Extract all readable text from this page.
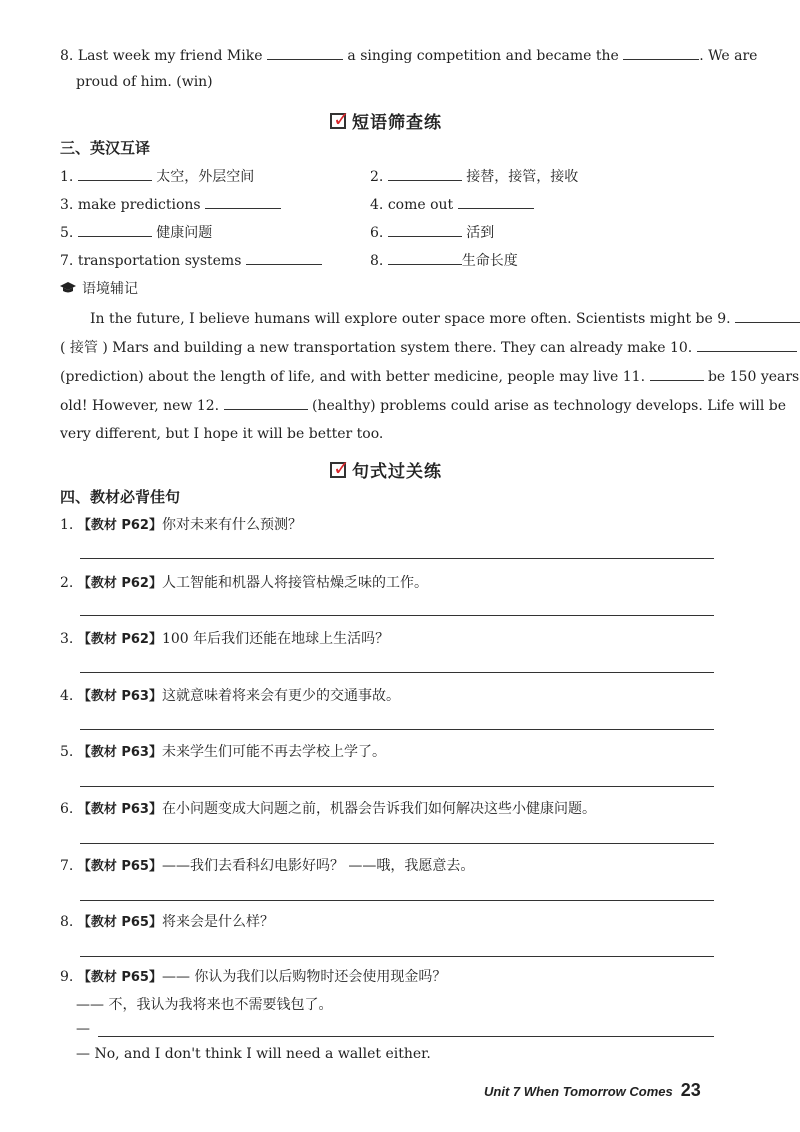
8. Last week my friend Mike	a singing competition and became the	. We are
proud of him. (win)
✓ 短语筛查练
三、英汉互译
1.	太空，外层空间	2.	接替，接管，接收
3. make predictions	4. come out
5.	健康问题	6.	活到
7. transportation systems	8.	生命长度
语境辅记
In the future, I believe humans will explore outer space more often. Scientists might be 9.
( 接管 ) Mars and building a new transportation system there. They can already make 10.
(prediction) about the length of life, and with better medicine, people may live 11.	be 150 years
old! However, new 12.	(healthy) problems could arise as technology develops. Life will be
very different, but I hope it will be better too.
✓ 句式过关练
四、教材必背佳句
1. 【教材 P62】你对未来有什么预测？
2. 【教材 P62】人工智能和机器人将接管枯燥乏味的工作。
3. 【教材 P62】100 年后我们还能在地球上生活吗？
4. 【教材 P63】这就意味着将来会有更少的交通事故。
5. 【教材 P63】未来学生们可能不再去学校上学了。
6. 【教材 P63】在小问题变成大问题之前，机器会告诉我们如何解决这些小健康问题。
7. 【教材 P65】——我们去看科幻电影好吗？ ——哦，我愿意去。
8. 【教材 P65】将来会是什么样？
9. 【教材 P65】—— 你认为我们以后购物时还会使用现金吗？
—— 不，我认为我将来也不需要钱包了。
—
— No, and I don't think I will need a wallet either.
Unit 7 When Tomorrow Comes 23
